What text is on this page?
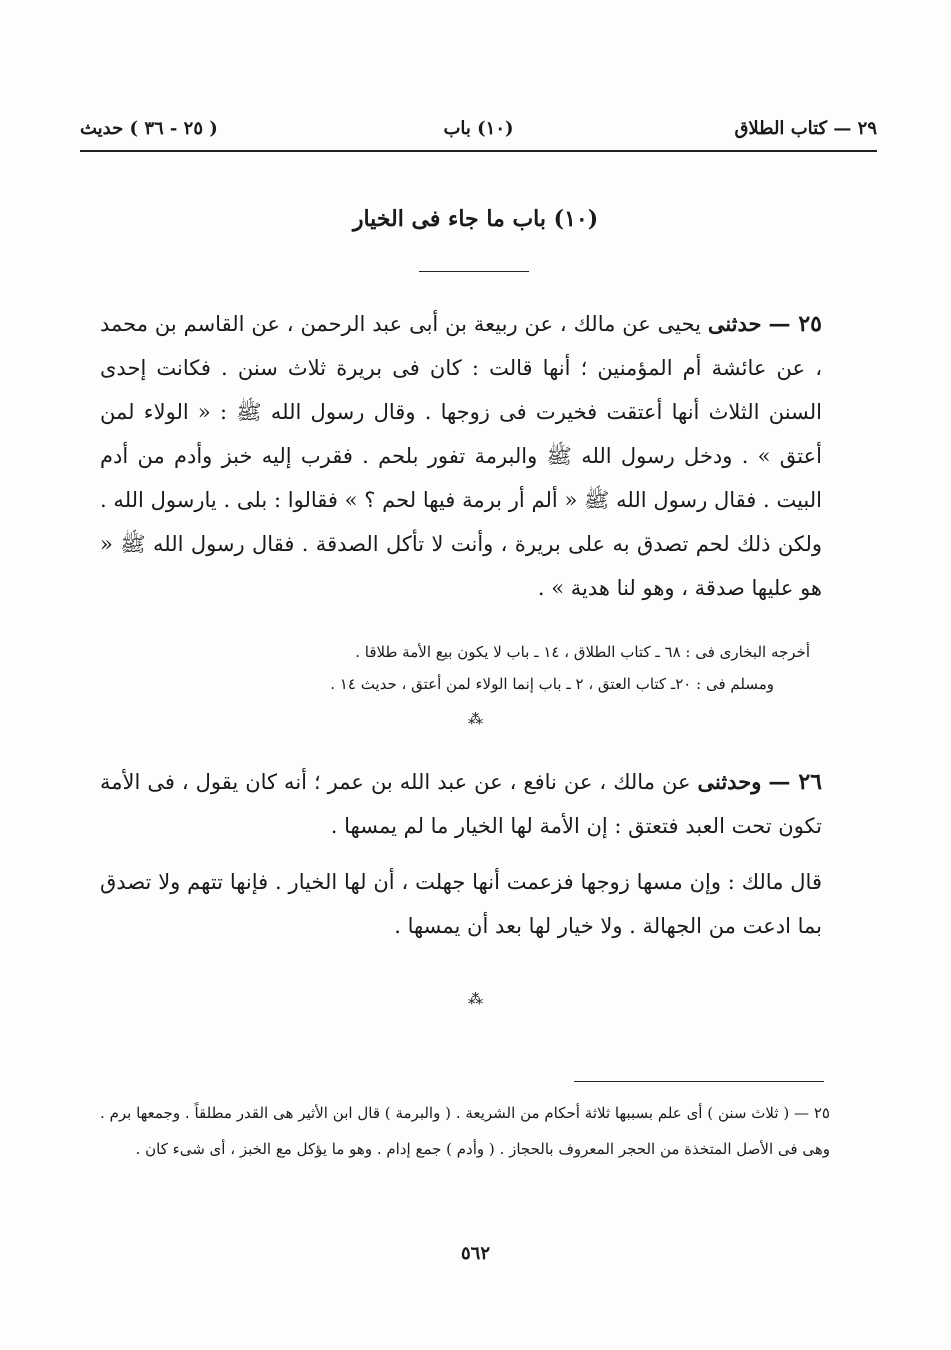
٢٩ — كتاب الطلاق
(١٠) باب
( ٢٥ - ٣٦ ) حديث
(١٠) باب ما جاء فى الخيار
٢٥ — حدثنى يحيى عن مالك ، عن ربيعة بن أبى عبد الرحمن ، عن القاسم بن محمد ، عن عائشة أم المؤمنين ؛ أنها قالت : كان فى بريرة ثلاث سنن . فكانت إحدى السنن الثلاث أنها أعتقت فخيرت فى زوجها . وقال رسول الله ﷺ : « الولاء لمن أعتق » . ودخل رسول الله ﷺ والبرمة تفور بلحم . فقرب إليه خبز وأدم من أدم البيت . فقال رسول الله ﷺ « ألم أر برمة فيها لحم ؟ » فقالوا : بلى . يارسول الله . ولكن ذلك لحم تصدق به على بريرة ، وأنت لا تأكل الصدقة . فقال رسول الله ﷺ « هو عليها صدقة ، وهو لنا هدية » .

أخرجه البخارى فى : ٦٨ ـ كتاب الطلاق ، ١٤ ـ باب لا يكون بيع الأمة طلاقا .

ومسلم فى : ٢٠ـ كتاب العتق ، ٢ ـ باب إنما الولاء لمن أعتق ، حديث ١٤ .

⁂
٢٦ — وحدثنى عن مالك ، عن نافع ، عن عبد الله بن عمر ؛ أنه كان يقول ، فى الأمة تكون تحت العبد فتعتق : إن الأمة لها الخيار ما لم يمسها .
قال مالك : وإن مسها زوجها فزعمت أنها جهلت ، أن لها الخيار . فإنها تتهم ولا تصدق بما ادعت من الجهالة . ولا خيار لها بعد أن يمسها .
⁂
٢٥ — ( ثلاث سنن ) أى علم بسببها ثلاثة أحكام من الشريعة . ( والبرمة ) قال ابن الأثير هى القدر مطلقاً . وجمعها برم . وهى فى الأصل المتخذة من الحجر المعروف بالحجاز . ( وأدم ) جمع إدام . وهو ما يؤكل مع الخبز ، أى شىء كان .
٥٦٢
